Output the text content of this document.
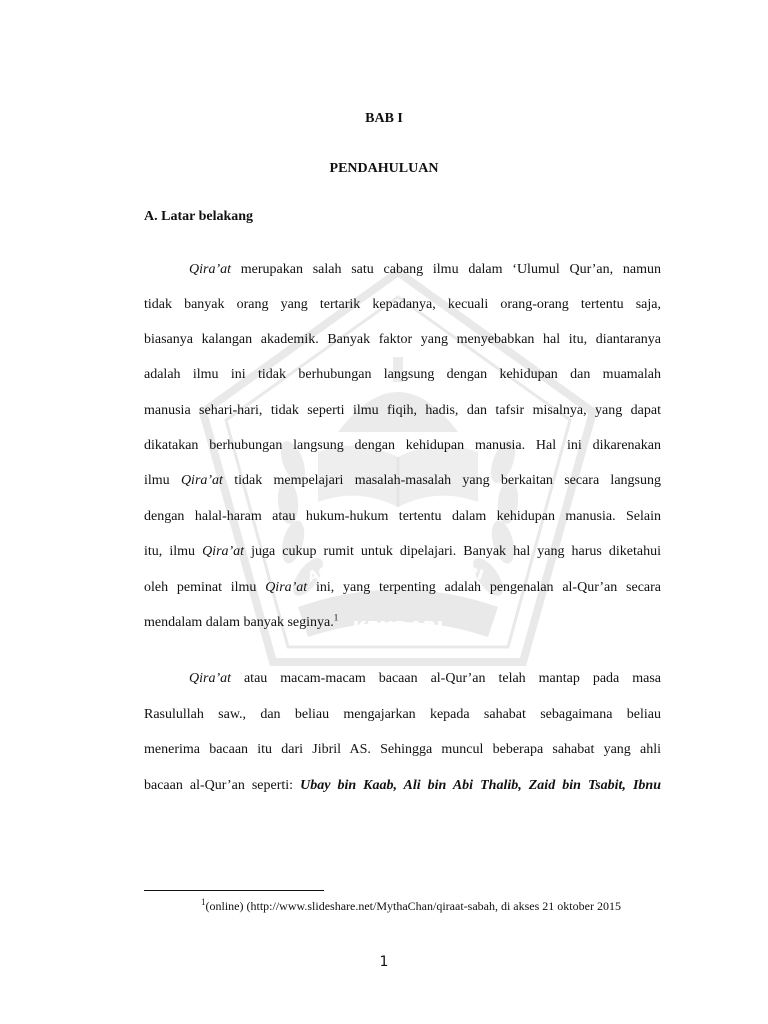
AGAMA ISLAM NEGERI
KENDARI
BAB I
PENDAHULUAN
A. Latar belakang
Qira’at merupakan salah satu cabang ilmu dalam ‘Ulumul Qur’an, namun
tidak banyak orang yang tertarik kepadanya, kecuali orang-orang tertentu saja,
biasanya kalangan akademik. Banyak faktor yang menyebabkan hal itu, diantaranya
adalah ilmu ini tidak berhubungan langsung dengan kehidupan dan muamalah
manusia sehari-hari, tidak seperti ilmu fiqih, hadis, dan tafsir misalnya, yang dapat
dikatakan berhubungan langsung dengan kehidupan manusia. Hal ini dikarenakan
ilmu Qira’at tidak mempelajari masalah-masalah yang berkaitan secara langsung
dengan halal-haram atau hukum-hukum tertentu dalam kehidupan manusia. Selain
itu, ilmu Qira’at juga cukup rumit untuk dipelajari. Banyak hal yang harus diketahui
oleh peminat ilmu Qira’at ini, yang terpenting adalah pengenalan al-Qur’an secara
mendalam dalam banyak seginya.$^1$
Qira’at atau macam-macam bacaan al-Qur’an telah mantap pada masa
Rasulullah saw., dan beliau mengajarkan kepada sahabat sebagaimana beliau
menerima bacaan itu dari Jibril AS. Sehingga muncul beberapa sahabat yang ahli
bacaan al-Qur’an seperti: Ubay bin Kaab, Ali bin Abi Thalib, Zaid bin Tsabit, Ibnu
$^1$(online) (http://www.slideshare.net/MythaChan/qiraat-sabah, di akses 21 oktober 2015
1
